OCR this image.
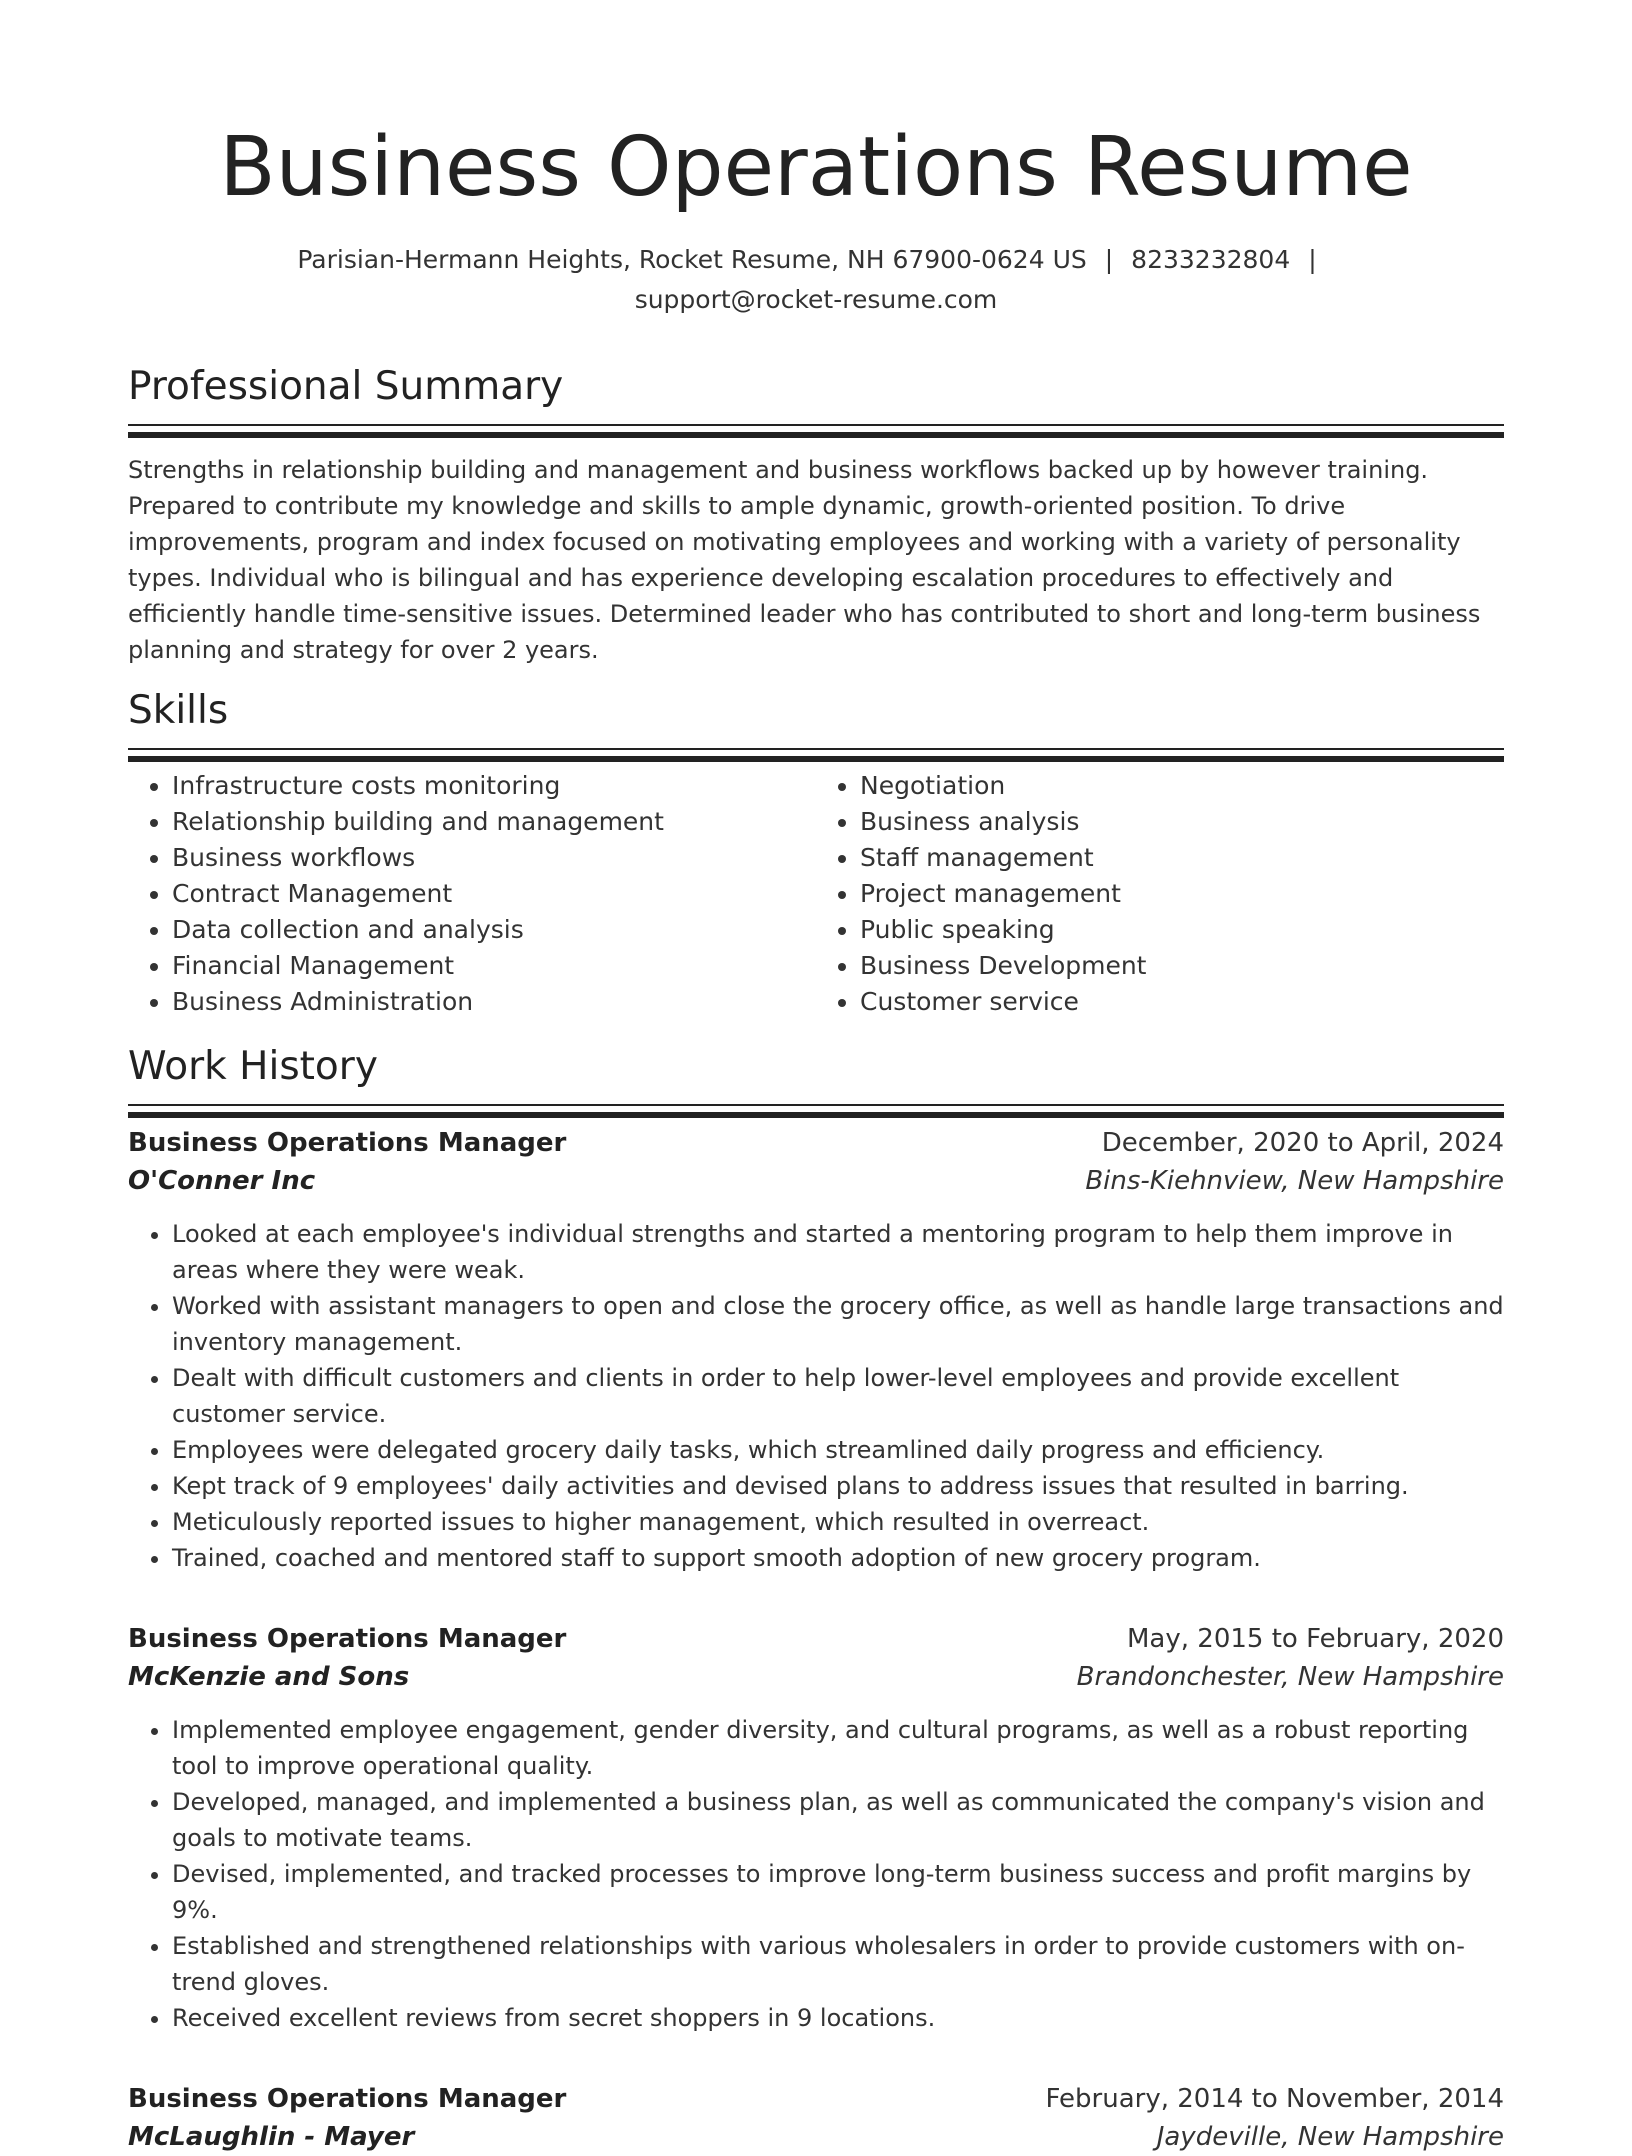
Business Operations Resume
Parisian-Hermann Heights, Rocket Resume, NH 67900-0624 US | 8233232804 |
support@rocket-resume.com
Professional Summary

Strengths in relationship building and management and business workflows backed up by however training. Prepared to contribute my knowledge and skills to ample dynamic, growth-oriented position. To drive improvements, program and index focused on motivating employees and working with a variety of personality types. Individual who is bilingual and has experience developing escalation procedures to effectively and efficiently handle time-sensitive issues. Determined leader who has contributed to short and long-term business planning and strategy for over 2 years.

Skills
• Infrastructure costs monitoring
• Relationship building and management
• Business workflows
• Contract Management
• Data collection and analysis
• Financial Management
• Business Administration
• Negotiation
• Business analysis
• Staff management
• Project management
• Public speaking
• Business Development
• Customer service
Work History
Business Operations Manager	December, 2020 to April, 2024
O'Conner Inc	Bins-Kiehnview, New Hampshire
• Looked at each employee's individual strengths and started a mentoring program to help them improve in areas where they were weak.
• Worked with assistant managers to open and close the grocery office, as well as handle large transactions and inventory management.
• Dealt with difficult customers and clients in order to help lower-level employees and provide excellent customer service.
• Employees were delegated grocery daily tasks, which streamlined daily progress and efficiency.
• Kept track of 9 employees' daily activities and devised plans to address issues that resulted in barring.
• Meticulously reported issues to higher management, which resulted in overreact.
• Trained, coached and mentored staff to support smooth adoption of new grocery program.
Business Operations Manager	May, 2015 to February, 2020
McKenzie and Sons	Brandonchester, New Hampshire
• Implemented employee engagement, gender diversity, and cultural programs, as well as a robust reporting tool to improve operational quality.
• Developed, managed, and implemented a business plan, as well as communicated the company's vision and goals to motivate teams.
• Devised, implemented, and tracked processes to improve long-term business success and profit margins by 9%.
• Established and strengthened relationships with various wholesalers in order to provide customers with on-trend gloves.
• Received excellent reviews from secret shoppers in 9 locations.
Business Operations Manager	February, 2014 to November, 2014
McLaughlin - Mayer	Jaydeville, New Hampshire
